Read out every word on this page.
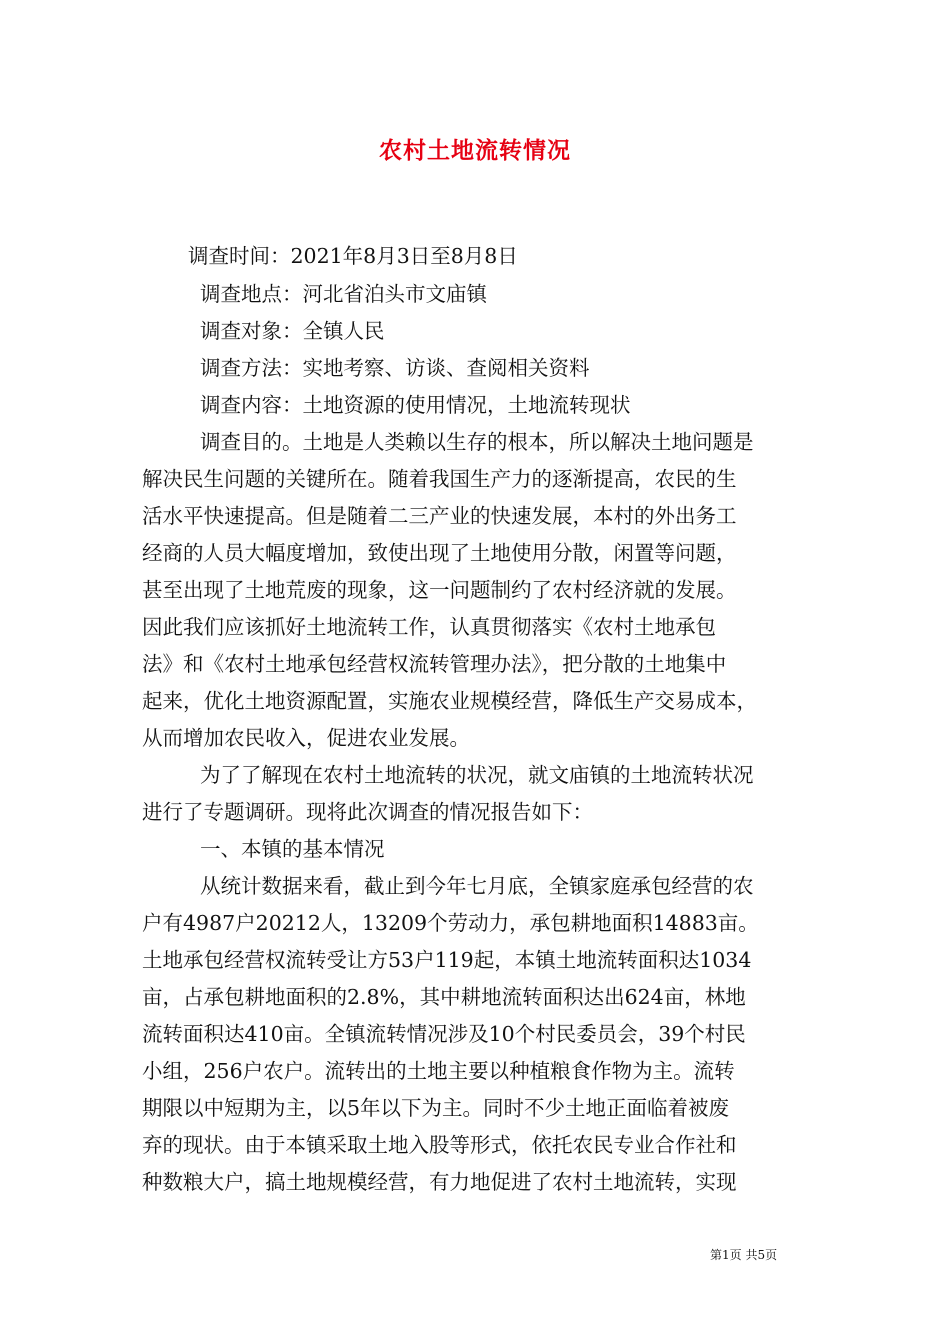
农村土地流转情况
调查时间：2021年8月3日至8月8日
调查地点：河北省泊头市文庙镇
调查对象：全镇人民
调查方法：实地考察、访谈、查阅相关资料
调查内容：土地资源的使用情况，土地流转现状
调查目的。土地是人类赖以生存的根本，所以解决土地问题是
解决民生问题的关键所在。随着我国生产力的逐渐提高，农民的生
活水平快速提高。但是随着二三产业的快速发展，本村的外出务工
经商的人员大幅度增加，致使出现了土地使用分散，闲置等问题，
甚至出现了土地荒废的现象，这一问题制约了农村经济就的发展。
因此我们应该抓好土地流转工作，认真贯彻落实《农村土地承包
法》和《农村土地承包经营权流转管理办法》，把分散的土地集中
起来，优化土地资源配置，实施农业规模经营，降低生产交易成本，
从而增加农民收入，促进农业发展。
为了了解现在农村土地流转的状况，就文庙镇的土地流转状况
进行了专题调研。现将此次调查的情况报告如下：
一、本镇的基本情况
从统计数据来看，截止到今年七月底，全镇家庭承包经营的农
户有4987户20212人，13209个劳动力，承包耕地面积14883亩。
土地承包经营权流转受让方53户119起，本镇土地流转面积达1034
亩，占承包耕地面积的2.8%，其中耕地流转面积达出624亩，林地
流转面积达410亩。全镇流转情况涉及10个村民委员会，39个村民
小组，256户农户。流转出的土地主要以种植粮食作物为主。流转
期限以中短期为主，以5年以下为主。同时不少土地正面临着被废
弃的现状。由于本镇采取土地入股等形式，依托农民专业合作社和
种数粮大户，搞土地规模经营，有力地促进了农村土地流转，实现
第1页 共5页
